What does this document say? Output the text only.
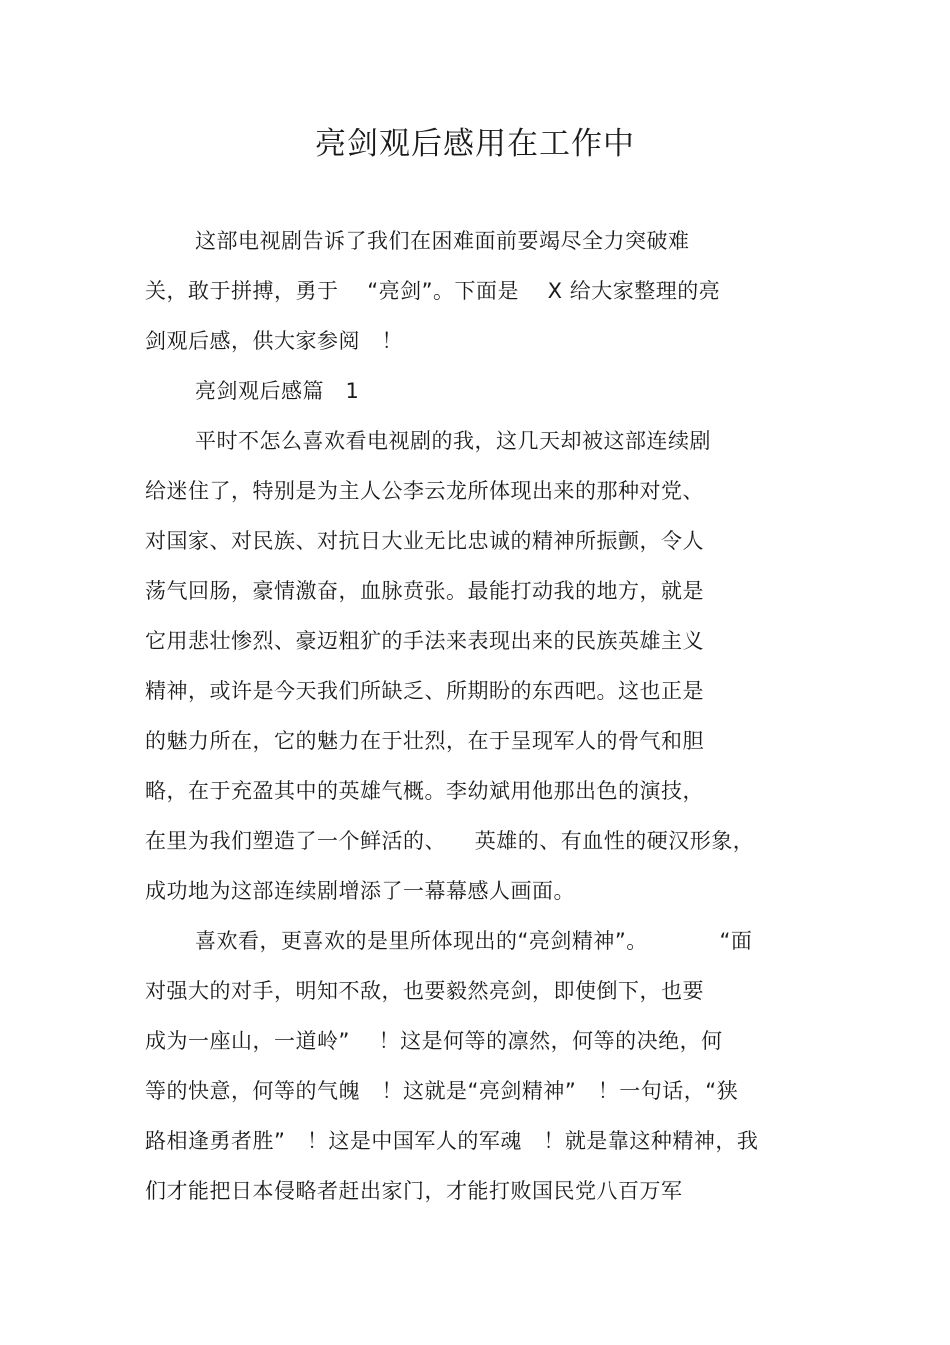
亮剑观后感用在工作中
这部电视剧告诉了我们在困难面前要竭尽全力突破难
关，敢于拼搏，勇于    “亮剑”。下面是    X 给大家整理的亮
剑观后感，供大家参阅   ！
亮剑观后感篇   1
平时不怎么喜欢看电视剧的我，这几天却被这部连续剧
给迷住了，特别是为主人公李云龙所体现出来的那种对党、
对国家、对民族、对抗日大业无比忠诚的精神所振颤，令人
荡气回肠，豪情激奋，血脉贲张。最能打动我的地方，就是
它用悲壮惨烈、豪迈粗犷的手法来表现出来的民族英雄主义
精神，或许是今天我们所缺乏、所期盼的东西吧。这也正是
的魅力所在，它的魅力在于壮烈，在于呈现军人的骨气和胆
略，在于充盈其中的英雄气概。李幼斌用他那出色的演技，
在里为我们塑造了一个鲜活的、    英雄的、有血性的硬汉形象，
成功地为这部连续剧增添了一幕幕感人画面。
喜欢看，更喜欢的是里所体现出的“亮剑精神”。          “面
对强大的对手，明知不敌，也要毅然亮剑，即使倒下，也要
成为一座山，一道岭”    ！这是何等的凛然，何等的决绝，何
等的快意，何等的气魄   ！这就是“亮剑精神”   ！一句话，“狭
路相逢勇者胜”   ！这是中国军人的军魂   ！就是靠这种精神，我
们才能把日本侵略者赶出家门，才能打败国民党八百万军
